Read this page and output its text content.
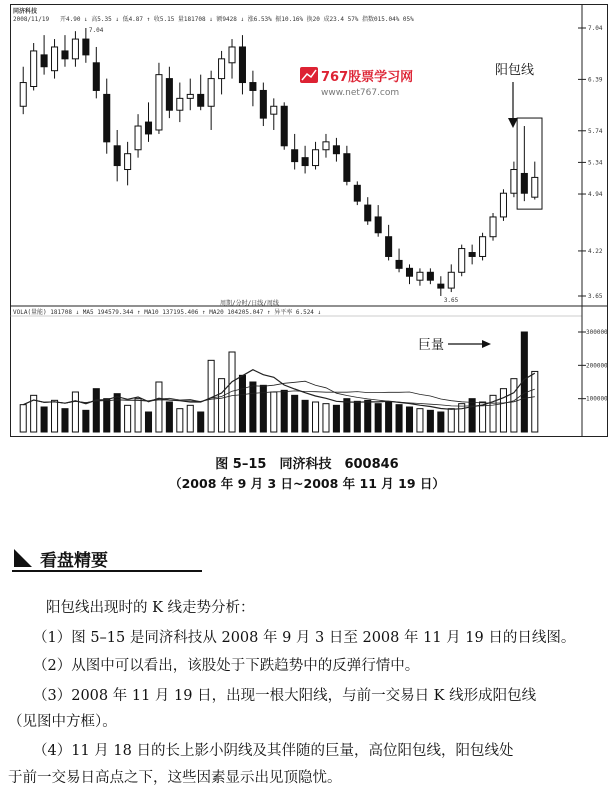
同济科技
2008/11/19 开4.90 ↓ 高5.35 ↓ 低4.87 ↑ 收5.15 量181708 ↓ 额9428 ↓ 涨6.53% 振10.16% 换20 成23.4 57% 指数015.04% 05%
VOLA(量能) 181708 ↓ MA5 194579.344 ↑ MA10 137195.406 ↑ MA20 104205.047 ↑ 异平率 6.524 ↓
周期/分时/日线/周线
767股票学习网
www.net767.com
3.65
4.22
4.94
5.34
5.74
6.39
7.04
100000
200000
300000
7.04
3.65
阳包线
巨量
图 5–15　同济科技　600846
（2008 年 9 月 3 日~2008 年 11 月 19 日）
看盘精要
阳包线出现时的 K 线走势分析：
（1）图 5–15 是同济科技从 2008 年 9 月 3 日至 2008 年 11 月 19 日的日线图。
（2）从图中可以看出，该股处于下跌趋势中的反弹行情中。
（3）2008 年 11 月 19 日，出现一根大阳线，与前一交易日 K 线形成阳包线
（见图中方框）。
（4）11 月 18 日的长上影小阴线及其伴随的巨量，高位阳包线，阳包线处
于前一交易日高点之下，这些因素显示出见顶隐忧。
